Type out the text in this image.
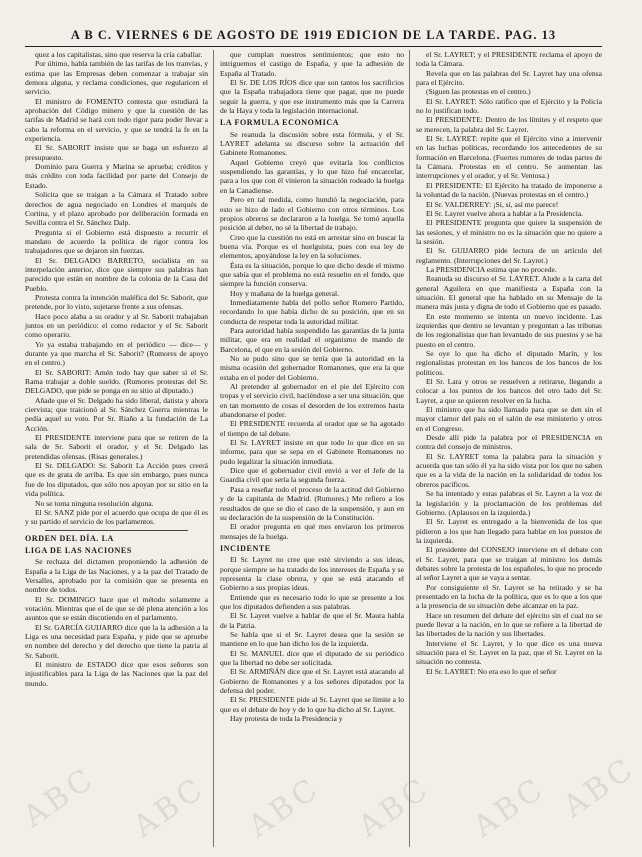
A B C. VIERNES 6 DE AGOSTO DE 1919 EDICION DE LA TARDE. PAG. 13

quez a los capitalistas, sino que reserva la cría caballar.

Por último, habla también de las tarifas de los tranvías, y estima que las Empresas deben comenzar a trabajar sin demora alguna, y reclama condiciones, que regularicen el servicio.

El ministro de FOMENTO contesta que estudiará la aprobación del Código minero y que la cuestión de las tarifas de Madrid se hará con todo rigor para poder llevar a cabo la reforma en el servicio, y que se tendrá la fe en la experiencia.

El Sr. SABORIT insiste que se haga un esfuerzo al presupuesto.

Dominio para Guerra y Marina se aprueba; créditos y más crédito con toda facilidad por parte del Consejo de Estado.

Solicita que se traigan a la Cámara el Tratado sobre derechos de agua negociado en Londres el marqués de Cortina, y el plazo aprobado por deliberación formada en Sevilla contra el Sr. Sánchez Dalp.

Pregunta si el Gobierno está dispuesto a recurrir el mandato de acuerdo la política de rigor contra los trabajadores que se dejaron sin fuerzas.

El Sr. DELGADO BARRETO, socialista en su interpelación anterior, dice que siempre sus palabras han parecido que están en nombre de la colonia de la Casa del Pueblo.

Protesta contra la intención maléfica del Sr. Saborit, que pretende, por lo visto, sujetarse frente a sus ofensas.

Hace poco alaba a su orador y al Sr. Saborit trabajaban juntos en un periódico: el como redactor y el Sr. Saborit como operario.

Yo ya estaba trabajando en el periódico — dice— y durante ya que marcha el Sr. Saborit? (Rumores de apoyo en el centro.)

El Sr. SABORIT: Amén todo hay que saber si el Sr. Rama trabajar a doble sueldo. (Rumores protestas del Sr. DELGADO, que pide se ponga en su sitio al diputado.)

Añade que el Sr. Delgado ha sido liberal, datista y ahora ciervista; que traicionó al Sr. Sánchez Guerra mientras le pedía aquel su voto. Por Sr. Riaño a la fundación de La Acción.

El PRESIDENTE interviene para que se retiren de la sala de Sr. Saborit el orador, y el Sr. Delgado las pretendidas ofensas. (Risas generales.)

El Sr. DELGADO: Sr. Saborit La Acción pues creerá que es de grata de arriba. Es que sin embargo, pues nunca fue de los diputados, que sólo nos apoyan por su sitio en la vida política.

No se toma ninguna resolución alguna.

El Sr. SANZ pide por el acuerdo que ocupa de que él es y su partido el servicio de los parlamentos.

ORDEN DEL DÍA. LA

LIGA DE LAS NACIONES

Se rechaza del dictamen proponiendo la adhesión de España a la Liga de las Naciones, y a la paz del Tratado de Versalles, aprobado por la comisión que se presenta en nombre de todos.

El Sr. DOMINGO hace que el método solamente a votación. Mientras que el de que se dé plena atención a los asuntos que se están discutiendo en el parlamento.

El Sr. GARCÍA GUIJARRO dice que la la adhesión a la Liga es una necesidad para España, y pide que se apruebe en nombre del derecho y del derecho que tiene la patria al Sr. Saborit.

El ministro de ESTADO dice que esos señores son injustificables para la Liga de las Naciones que la paz del mundo.

que cumplan nuestros sentimientos; que esto no intriguemos el castigo de España, y que la adhesión de España al Tratado.

El Sr. DE LOS RÍOS dice que son tantos los sacrificios que la España trabajadora tiene que pagar, que no puede seguir la guerra, y que ese instrumento más que la Carrera de la Haya y toda la legislación internacional.

LA FORMULA ECONOMICA

Se reanuda la discusión sobre esta fórmula, y el Sr. LAYRET adelanta su discurso sobre la actuación del Gabinete Romanones.

Aquel Gobierno creyó que evitaría los conflictos suspendiendo las garantías, y lo que hizo fué encarcelar, para a los que con él vinieron la situación rodeado la huelga en la Canadiense.

Pero en tal medida, como hundió la negociación, para esto se hizo de lado el Gobierno con otros términos. Los propios obreros se declararon a la huelga. Se tomó aquella posición al deber, no sé la libertad de trabajo.

Creo que la cuestión no está en arrestar sino en buscar la buena vía. Porque es el huelguista, pues con esa ley de elementos, apoyándose la ley en la soluciones.

Ésta es la situación, porque lo que dicho desde el mismo que sabía que el problema no está resuelto en el fondo, que siempre la función conserva.

Hoy y mañana de la huelga general.

Inmediatamente habla del pollo señor Romero Partido, recordando lo que había dicho de su posición, que en su conducta de respetar toda la autoridad militar.

Para autoridad había suspendido las garantías de la junta militar, que era en realidad el organismo de mando de Barcelona, el que en la sesión del Gobierno.

No se pudo sino que se tenía que la autoridad en la misma ocasión del gobernador Romanones, que era la que estaba en el poder del Gobierno.

Al pretender al gobernador en el pie del Ejército con tropas y el servicio civil, haciéndose a ser una situación, que en tan momento de cosas el desorden de los extremos hasta abandonarse el poder.

El PRESIDENTE recuerda al orador que se ha agotado el tiempo de tal debate.

El Sr. LAYRET insiste en que todo lo que dice en su informe, para que se sepa en el Gabinete Romanones no pudo legalizar la situación inmediata.

Dice que el gobernador civil envió a ver el Jefe de la Guardia civil que sería la segunda fuerza.

Pasa a reseñar todo el proceso de la actitud del Gobierno y de la capitanía de Madrid. (Rumores.) Me refiero a los resultados de que se dio el caso de la suspensión, y aun en su declaración de la suspensión de la Constitución.

El orador pregunta en qué mes enviaron los primeros mensajes de la huelga.

INCIDENTE

El Sr. Layret no cree que esté sirviendo a sus ideas, porque siempre se ha tratado de los intereses de España y se representa la clase obrera, y que se está atacando el Gobierno a sus propias ideas.

Entiende que es necesario todo lo que se presente a los que los diputados defienden a sus palabras.

El Sr. Layret vuelve a hablar de que el Sr. Maura habla de la Patria.

Se habla que si el Sr. Layret desea que la sesión se mantiene en lo que han dicho los de la izquierda.

El Sr. MANUEL dice que el diputado de su periódico que la libertad no debe ser solicitada.

El Sr. ARMIÑÁN dice que el Sr. Layret está atacando al Gobierno de Romanones y a los señores diputados por la defensa del poder.

El Sr. PRESIDENTE pide al Sr. Layret que se limite a lo que es el debate de hoy y de lo que ha dicho al Sr. Layret.

Hay protesta de toda la Presidencia y

el Sr. LAYRET; y el PRESIDENTE reclama el apoyo de toda la Cámara.

Revela que en las palabras del Sr. Layret hay una ofensa para el Ejército.

(Siguen las protestas en el centro.)

El Sr. LAYRET: Sólo ratifico que el Ejército y la Policía no lo justifican todo.

El PRESIDENTE: Dentro de los límites y el respeto que se merecen, la palabra del Sr. Layret.

El Sr. LAYRET: repite que el Ejército vino a intervenir en las luchas políticas, recordando los antecedentes de su formación en Barcelona. (Fuertes rumores de todas partes de la Cámara. Protestas en el centro. Se aumentan las interrupciones y el orador, y el Sr. Ventosa.)

El PRESIDENTE: El Ejército ha tratado de imponerse a la voluntad de la nación. (Nuevas protestas en el centro.)

El Sr. VALDERREY: ¡Sí, sí, así me parece!

El Sr. Layret vuelve ahora a hablar a la Presidencia.

El PRESIDENTE pregunta que quiere la suspensión de las sesiones, y el ministro no es la situación que no quiere a la sesión.

El Sr. GUIJARRO pide lectura de un artículo del reglamento. (Interrupciones del Sr. Layret.)

La PRESIDENCIA estima que no procede.

Reanuda su discurso el Sr. LAYRET. Alude a la carta del general Aguilera en que manifiesta a España con la situación. El general que ha hablado en su Mensaje de la manera más justa y digna de todo el Gobierno que es pasado.

En este momento se intenta un nuevo incidente. Las izquierdas que dentro se levantan y preguntan a las tribunas de los regionalistas que han levantado de sus puestos y se ha puesto en el centro.

Se oye lo que ha dicho el diputado Marín, y los regionalistas protestan en los bancos de los bancos de los políticos.

El Sr. Lara y otros se resuelven a retirarse, llegando a colocar a los puntos de los bancos del otro lado del Sr. Layret, a que se quieren resolver en la lucha.

El ministro que ha sido llamado para que se den sin el mayor clamor del país en el salón de ese ministerio y otros en el Congreso.

Desde allí pide la palabra por el PRESIDENCIA en contra del consejo de ministros.

El Sr. LAYRET toma la palabra para la situación y acuerda que tan sólo él ya ha sido vista por los que no saben que es a la vida de la nación en la solidaridad de todos los obreros pacíficos.

Se ha intentado y estas palabras el Sr. Layret a la voz de la legislación y la proclamación de los problemas del Gobierno. (Aplausos en la izquierda.)

El Sr. Layret es entregado a la bienvenida de los que pidieron a los que han llegado para hablar en los puestos de la izquierda.

El presidente del CONSEJO interviene en el debate con el Sr. Layret, para que se traigan al ministro los demás debates sobre la protesta de los españoles, lo que no procede al señor Layret a que se vaya a sentar.

Por consiguiente el Sr. Layret se ha retirado y se ha presentado en la lucha de la política, que es lo que a los que a la presencia de su situación debe alcanzar en la paz.

Hace un resumen del debate del ejército sin el cual no se puede llevar a la nación, en lo que se refiere a la libertad de las libertades de la nación y sus libertades.

Interviene el Sr. Layret, y lo que dice es una nueva situación para el Sr. Layret en la paz, que el Sr. Layret en la situación no contesta.

El Sr. LAYRET: No era eso lo que el señor

ABC ABC ABC ABC ABC ABC
